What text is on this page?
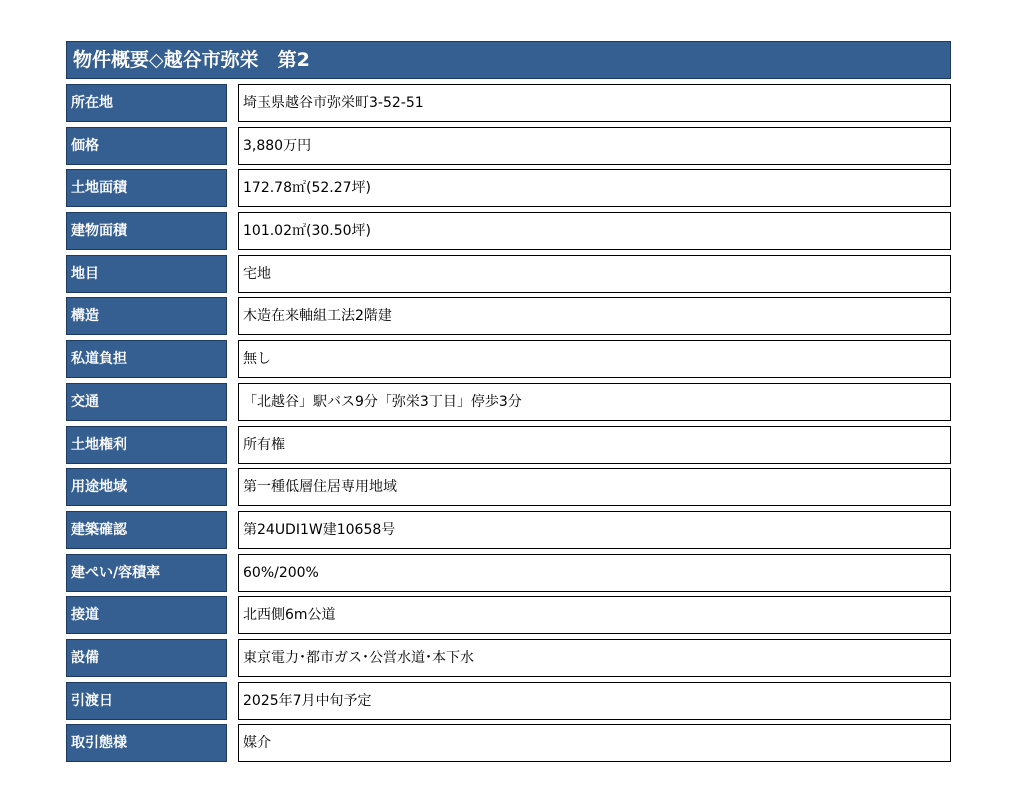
物件概要◇越谷市弥栄　第2
所在地	埼玉県越谷市弥栄町3-52-51
価格	3,880万円
土地面積	172.78㎡(52.27坪)
建物面積	101.02㎡(30.50坪)
地目	宅地
構造	木造在来軸組工法2階建
私道負担	無し
交通	「北越谷」駅バス9分「弥栄3丁目」停歩3分
土地権利	所有権
用途地域	第一種低層住居専用地域
建築確認	第24UDI1W建10658号
建ぺい/容積率	60%/200%
接道	北西側6m公道
設備	東京電力･都市ガス･公営水道･本下水
引渡日	2025年7月中旬予定
取引態様	媒介
